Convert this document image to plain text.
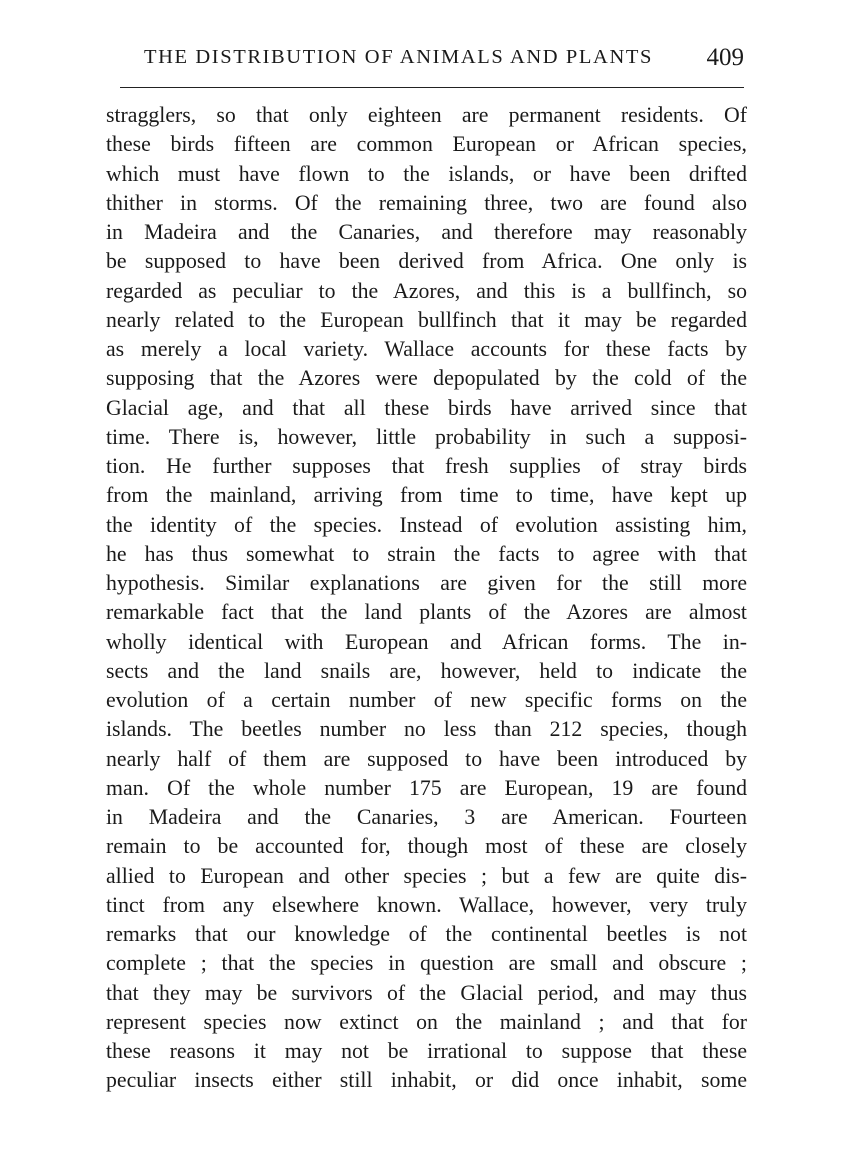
THE DISTRIBUTION OF ANIMALS AND PLANTS 409
stragglers, so that only eighteen are permanent residents. Of
these birds fifteen are common European or African species,
which must have flown to the islands, or have been drifted
thither in storms. Of the remaining three, two are found also
in Madeira and the Canaries, and therefore may reasonably
be supposed to have been derived from Africa. One only is
regarded as peculiar to the Azores, and this is a bullfinch, so
nearly related to the European bullfinch that it may be regarded
as merely a local variety. Wallace accounts for these facts by
supposing that the Azores were depopulated by the cold of the
Glacial age, and that all these birds have arrived since that
time. There is, however, little probability in such a supposi-
tion. He further supposes that fresh supplies of stray birds
from the mainland, arriving from time to time, have kept up
the identity of the species. Instead of evolution assisting him,
he has thus somewhat to strain the facts to agree with that
hypothesis. Similar explanations are given for the still more
remarkable fact that the land plants of the Azores are almost
wholly identical with European and African forms. The in-
sects and the land snails are, however, held to indicate the
evolution of a certain number of new specific forms on the
islands. The beetles number no less than 212 species, though
nearly half of them are supposed to have been introduced by
man. Of the whole number 175 are European, 19 are found
in Madeira and the Canaries, 3 are American. Fourteen
remain to be accounted for, though most of these are closely
allied to European and other species ; but a few are quite dis-
tinct from any elsewhere known. Wallace, however, very truly
remarks that our knowledge of the continental beetles is not
complete ; that the species in question are small and obscure ;
that they may be survivors of the Glacial period, and may thus
represent species now extinct on the mainland ; and that for
these reasons it may not be irrational to suppose that these
peculiar insects either still inhabit, or did once inhabit, some
